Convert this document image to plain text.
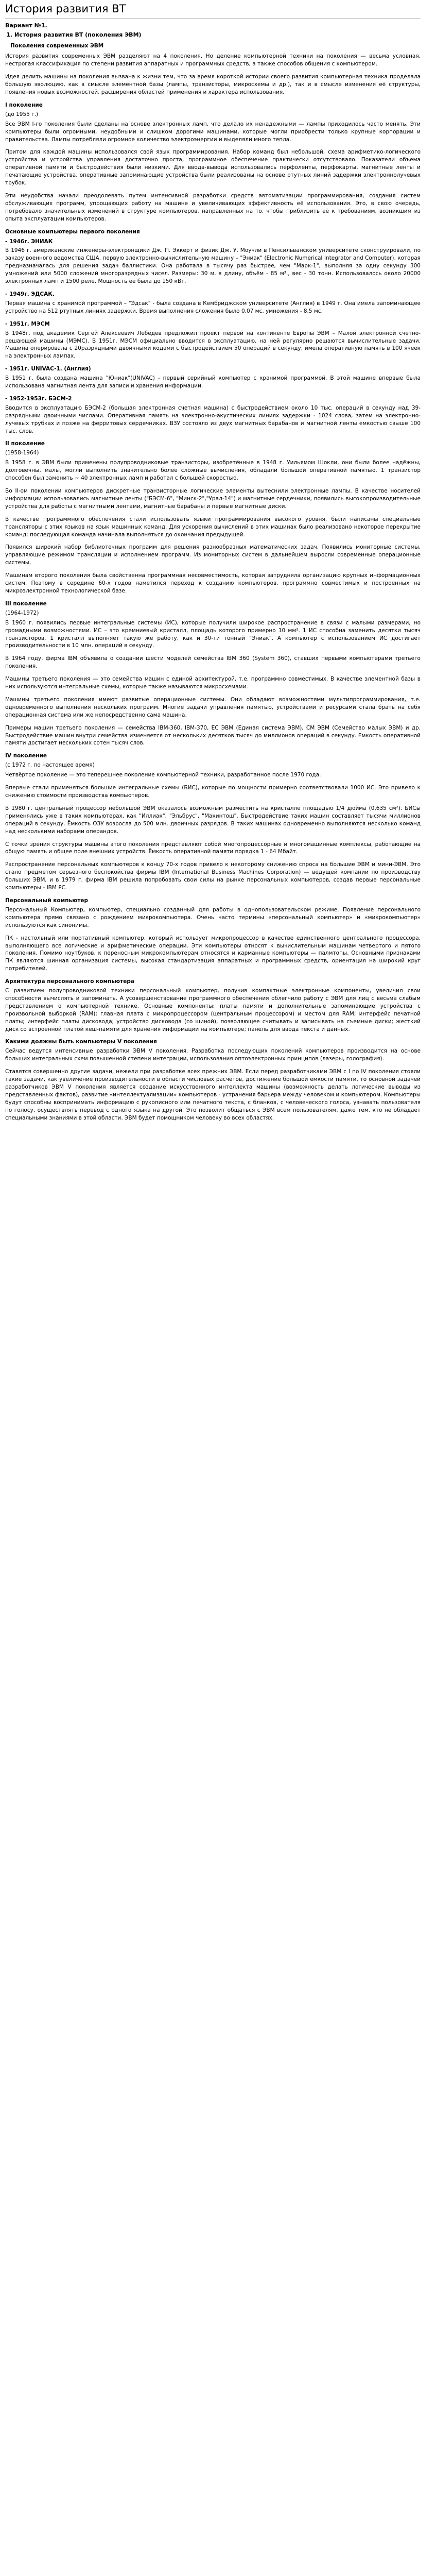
История развития ВТ
Вариант №1.
1. История развития ВТ (поколения ЭВМ)
Поколения современных ЭВМ

История развития современных ЭВМ разделяют на 4 поколения. Но деление компьютерной техники на поколения — весьма условная, нестрогая классификация по степени развития аппаратных и программных средств, а также способов общения с компьютером.

Идея делить машины на поколения вызвана к жизни тем, что за время короткой истории своего развития компьютерная техника проделала большую эволюцию, как в смысле элементной базы (лампы, транзисторы, микросхемы и др.), так и в смысле изменения её структуры, появления новых возможностей, расширения областей применения и характера использования.

I поколение
(до 1955 г.)

Все ЭВМ I-го поколения были сделаны на основе электронных ламп, что делало их ненадежными — лампы приходилось часто менять. Эти компьютеры были огромными, неудобными и слишком дорогими машинами, которые могли приобрести только крупные корпорации и правительства. Лампы потребляли огромное количество электроэнергии и выделяли много тепла.

Притом для каждой машины использовался свой язык программирования. Набор команд был небольшой, схема арифметико-логического устройства и устройства управления достаточно проста, программное обеспечение практически отсутствовало. Показатели объема оперативной памяти и быстродействия были низкими. Для ввода-вывода использовались перфоленты, перфокарты, магнитные ленты и печатающие устройства, оперативные запоминающие устройства были реализованы на основе ртутных линий задержки электроннолучевых трубок.

Эти неудобства начали преодолевать путем интенсивной разработки средств автоматизации программирования, создания систем обслуживающих программ, упрощающих работу на машине и увеличивающих эффективность её использования. Это, в свою очередь, потребовало значительных изменений в структуре компьютеров, направленных на то, чтобы приблизить её к требованиям, возникшим из опыта эксплуатации компьютеров.

Основные компьютеры первого поколения
- 1946г. ЭНИАК

В 1946 г. американские инженеры-электронщики Дж. П. Эккерт и физик Дж. У. Моучли в Пенсильванском университете сконструировали, по заказу военного ведомства США, первую электронно-вычислительную машину – "Эниак" (Electronic Numerical Integrator and Computer), которая предназначалась для решения задач баллистики. Она работала в тысячу раз быстрее, чем "Марк-1", выполняя за одну секунду 300 умножений или 5000 сложений многоразрядных чисел. Размеры: 30 м. в длину, объём - 85 м³., вес - 30 тонн. Использовалось около 20000 электронных ламп и 1500 реле. Мощность ее была до 150 кВт.

- 1949г. ЭДСАК.

Первая машина с хранимой программой – "Эдсак" - была создана в Кембриджском университете (Англия) в 1949 г. Она имела запоминающее устройство на 512 ртутных линиях задержки. Время выполнения сложения было 0,07 мс, умножения - 8,5 мс.

- 1951г. МЭСМ

В 1948г. под академик Сергей Алексеевич Лебедев предложил проект первой на континенте Европы ЭВМ – Малой электронной счетно-решающей машины (МЭМС). В 1951г. МЭСМ официально вводится в эксплуатацию, на ней регулярно решаются вычислительные задачи. Машина оперировала с 20разрядными двоичными кодами с быстродействием 50 операций в секунду, имела оперативную память в 100 ячеек на электронных лампах.

- 1951г. UNIVAC-1. (Англия)

В 1951 г. была создана машина "Юниак"(UNIVAC) - первый серийный компьютер с хранимой программой. В этой машине впервые была использована магнитная лента для записи и хранения информации.

- 1952-1953г. БЭСМ-2

Вводится в эксплуатацию БЭСМ-2 (большая электронная счетная машина) с быстродействием около 10 тыс. операций в секунду над 39-разрядными двоичными числами. Оперативная память на электронно-акустических линиях задержки - 1024 слова, затем на электронно-лучевых трубках и позже на ферритовых сердечниках. ВЗУ состояло из двух магнитных барабанов и магнитной ленты емкостью свыше 100 тыс. слов.

II поколение
(1958-1964)

В 1958 г. в ЭВМ были применены полупроводниковые транзисторы, изобретённые в 1948 г. Уильямом Шокли, они были более надёжны, долговечны, малы, могли выполнить значительно более сложные вычисления, обладали большой оперативной памятью. 1 транзистор способен был заменить ~ 40 электронных ламп и работал с большей скоростью.

Во II-ом поколении компьютеров дискретные транзисторные логические элементы вытеснили электронные лампы. В качестве носителей информации использовались магнитные ленты ("БЭСМ-6", "Минск-2","Урал-14") и магнитные сердечники, появились высокопроизводительные устройства для работы с магнитными лентами, магнитные барабаны и первые магнитные диски.

В качестве программного обеспечения стали использовать языки программирования высокого уровня, были написаны специальные трансляторы с этих языков на язык машинных команд. Для ускорения вычислений в этих машинах было реализовано некоторое перекрытие команд: последующая команда начинала выполняться до окончания предыдущей.

Появился широкий набор библиотечных программ для решения разнообразных математических задач. Появились мониторные системы, управляющие режимом трансляции и исполнением программ. Из мониторных систем в дальнейшем выросли современные операционные системы.

Машинам второго поколения была свойственна программная несовместимость, которая затрудняла организацию крупных информационных систем. Поэтому в середине 60-х годов наметился переход к созданию компьютеров, программно совместимых и построенных на микроэлектронной технологической базе.

III поколение
(1964-1972)

В 1960 г. появились первые интегральные системы (ИС), которые получили широкое распространение в связи с малыми размерами, но громадными возможностями. ИС – это кремниевый кристалл, площадь которого примерно 10 мм². 1 ИС способна заменить десятки тысяч транзисторов. 1 кристалл выполняет такую же работу, как и 30-ти тонный "Эниак". А компьютер с использованием ИС достигает производительности в 10 млн. операций в секунду.

В 1964 году, фирма IBM объявила о создании шести моделей семейства IBM 360 (System 360), ставших первыми компьютерами третьего поколения.

Машины третьего поколения — это семейства машин с единой архитектурой, т.е. программно совместимых. В качестве элементной базы в них используются интегральные схемы, которые также называются микросхемами.

Машины третьего поколения имеют развитые операционные системы. Они обладают возможностями мультипрограммирования, т.е. одновременного выполнения нескольких программ. Многие задачи управления памятью, устройствами и ресурсами стала брать на себя операционная система или же непосредственно сама машина.

Примеры машин третьего поколения — семейства IBM-360, IBM-370, ЕС ЭВМ (Единая система ЭВМ), СМ ЭВМ (Семейство малых ЭВМ) и др. Быстродействие машин внутри семейства изменяется от нескольких десятков тысяч до миллионов операций в секунду. Емкость оперативной памяти достигает нескольких сотен тысяч слов.

IV поколение
(с 1972 г. по настоящее время)

Четвёртое поколение — это теперешнее поколение компьютерной техники, разработанное после 1970 года.

Впервые стали применяться большие интегральные схемы (БИС), которые по мощности примерно соответствовали 1000 ИС. Это привело к снижению стоимости производства компьютеров.

В 1980 г. центральный процессор небольшой ЭВМ оказалось возможным разместить на кристалле площадью 1/4 дюйма (0,635 см²). БИСы применялись уже в таких компьютерах, как "Иллиак", "Эльбрус", "Макинтош". Быстродействие таких машин составляет тысячи миллионов операций в секунду. Ёмкость ОЗУ возросла до 500 млн. двоичных разрядов. В таких машинах одновременно выполняются несколько команд над несколькими наборами операндов.

С точки зрения структуры машины этого поколения представляют собой многопроцессорные и многомашинные комплексы, работающие на общую память и общее поле внешних устройств. Ёмкость оперативной памяти порядка 1 - 64 Мбайт.

Распространение персональных компьютеров к концу 70-х годов привело к некоторому снижению спроса на большие ЭВМ и мини-ЭВМ. Это стало предметом серьезного беспокойства фирмы IBM (International Business Machines Corporation) — ведущей компании по производству больших ЭВМ, и в 1979 г. фирма IBM решила попробовать свои силы на рынке персональных компьютеров, создав первые персональные компьютеры - IBM PC.

Персональный компьютер

Персональный Компьютер, компьютер, специально созданный для работы в однопользовательском режиме. Появление персонального компьютера прямо связано с рождением микрокомпьютера. Очень часто термины «персональный компьютер» и «микрокомпьютер» используются как синонимы.

ПК - настольный или портативный компьютер, который использует микропроцессор в качестве единственного центрального процессора, выполняющего все логические и арифметические операции. Эти компьютеры относят к вычислительным машинам четвертого и пятого поколения. Помимо ноутбуков, к переносным микрокомпьютерам относятся и карманные компьютеры — палмтопы. Основными признаками ПК являются шинная организация системы, высокая стандартизация аппаратных и программных средств, ориентация на широкий круг потребителей.

Архитектура персонального компьютера

С развитием полупроводниковой техники персональный компьютер, получив компактные электронные компоненты, увеличил свои способности вычислять и запоминать. А усовершенствование программного обеспечения облегчило работу с ЭВМ для лиц с весьма слабым представлением о компьютерной технике. Основные компоненты: платы памяти и дополнительные запоминающие устройства с произвольной выборкой (RAM); главная плата с микропроцессором (центральным процессором) и местом для RAM; интерфейс печатной платы; интерфейс платы дисковода; устройство дисковода (со шиной), позволяющее считывать и записывать на съемные диски; жесткий диск со встроенной платой кеш-памяти для хранения информации на компьютере; панель для ввода текста и данных.

Какими должны быть компьютеры V поколения

Сейчас ведутся интенсивные разработки ЭВМ V поколения. Разработка последующих поколений компьютеров производится на основе больших интегральных схем повышенной степени интеграции, использования оптоэлектронных принципов (лазеры, голография).

Ставятся совершенно другие задачи, нежели при разработке всех прежних ЭВМ. Если перед разработчиками ЭВМ с I по IV поколения стояли такие задачи, как увеличение производительности в области числовых расчётов, достижение большой ёмкости памяти, то основной задачей разработчиков ЭВМ V поколения является создание искусственного интеллекта машины (возможность делать логические выводы из представленных фактов), развитие «интеллектуализации» компьютеров - устранения барьера между человеком и компьютером. Компьютеры будут способны воспринимать информацию с рукописного или печатного текста, с бланков, с человеческого голоса, узнавать пользователя по голосу, осуществлять перевод с одного языка на другой. Это позволит общаться с ЭВМ всем пользователям, даже тем, кто не обладает специальными знаниями в этой области. ЭВМ будет помощником человеку во всех областях.
